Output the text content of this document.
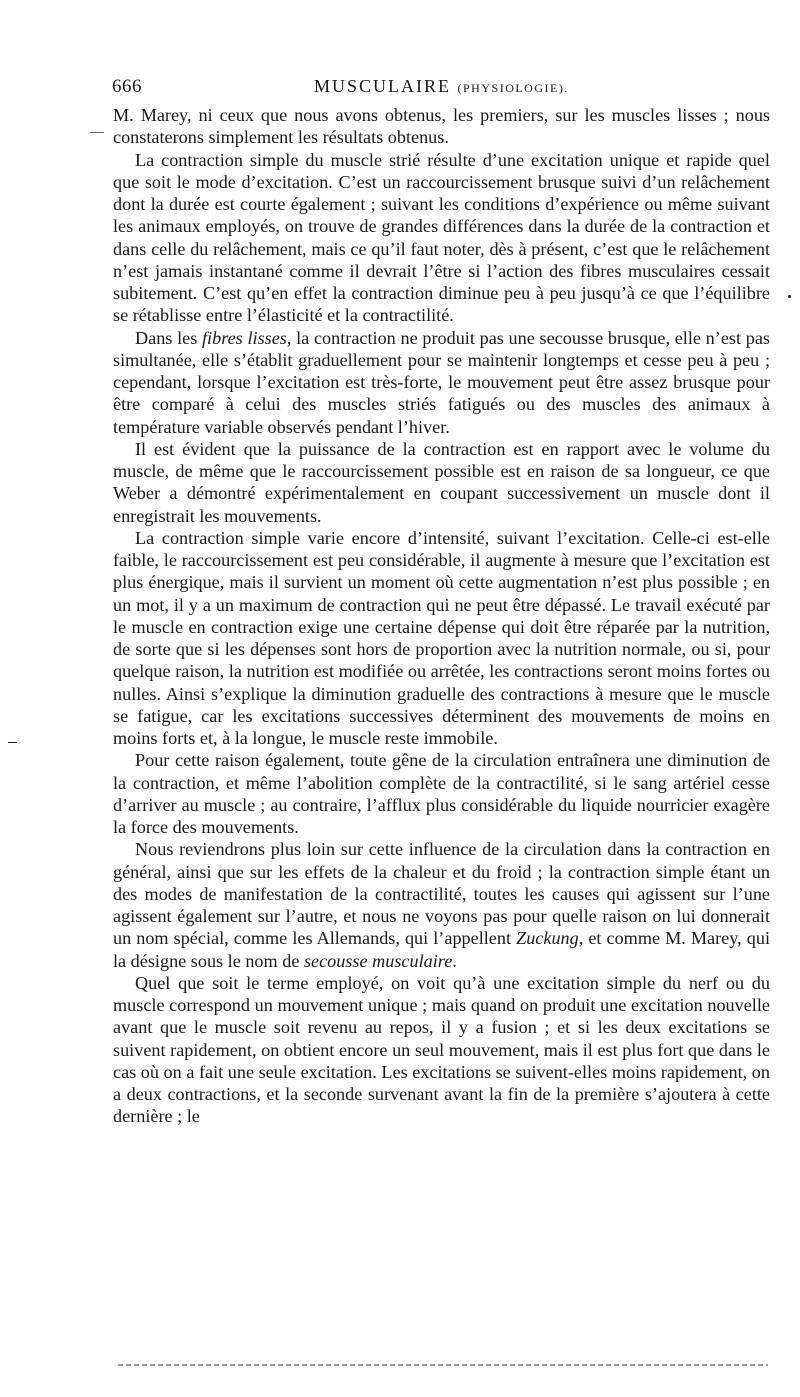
666	MUSCULAIRE (PHYSIOLOGIE).

M. Marey, ni ceux que nous avons obtenus, les premiers, sur les muscles lisses ; nous constaterons simplement les résultats obtenus.

La contraction simple du muscle strié résulte d’une excitation unique et rapide quel que soit le mode d’excitation. C’est un raccourcissement brusque suivi d’un relâchement dont la durée est courte également ; suivant les conditions d’expérience ou même suivant les animaux employés, on trouve de grandes différences dans la durée de la contraction et dans celle du relâchement, mais ce qu’il faut noter, dès à présent, c’est que le relâchement n’est jamais instantané comme il devrait l’être si l’action des fibres musculaires cessait subitement. C’est qu’en effet la contraction diminue peu à peu jusqu’à ce que l’équilibre se rétablisse entre l’élasticité et la contractilité.

Dans les fibres lisses, la contraction ne produit pas une secousse brusque, elle n’est pas simultanée, elle s’établit graduellement pour se maintenir longtemps et cesse peu à peu ; cependant, lorsque l’excitation est très-forte, le mouvement peut être assez brusque pour être comparé à celui des muscles striés fatigués ou des muscles des animaux à température variable observés pendant l’hiver.

Il est évident que la puissance de la contraction est en rapport avec le volume du muscle, de même que le raccourcissement possible est en raison de sa longueur, ce que Weber a démontré expérimentalement en coupant successivement un muscle dont il enregistrait les mouvements.

La contraction simple varie encore d’intensité, suivant l’excitation. Celle-ci est-elle faible, le raccourcissement est peu considérable, il augmente à mesure que l’excitation est plus énergique, mais il survient un moment où cette augmentation n’est plus possible ; en un mot, il y a un maximum de contraction qui ne peut être dépassé. Le travail exécuté par le muscle en contraction exige une certaine dépense qui doit être réparée par la nutrition, de sorte que si les dépenses sont hors de proportion avec la nutrition normale, ou si, pour quelque raison, la nutrition est modifiée ou arrêtée, les contractions seront moins fortes ou nulles. Ainsi s’explique la diminution graduelle des contractions à mesure que le muscle se fatigue, car les excitations successives déterminent des mouvements de moins en moins forts et, à la longue, le muscle reste immobile.

Pour cette raison également, toute gêne de la circulation entraînera une diminution de la contraction, et même l’abolition complète de la contractilité, si le sang artériel cesse d’arriver au muscle ; au contraire, l’afflux plus considérable du liquide nourricier exagère la force des mouvements.

Nous reviendrons plus loin sur cette influence de la circulation dans la contraction en général, ainsi que sur les effets de la chaleur et du froid ; la contraction simple étant un des modes de manifestation de la contractilité, toutes les causes qui agissent sur l’une agissent également sur l’autre, et nous ne voyons pas pour quelle raison on lui donnerait un nom spécial, comme les Allemands, qui l’appellent Zuckung, et comme M. Marey, qui la désigne sous le nom de secousse musculaire.

Quel que soit le terme employé, on voit qu’à une excitation simple du nerf ou du muscle correspond un mouvement unique ; mais quand on produit une excitation nouvelle avant que le muscle soit revenu au repos, il y a fusion ; et si les deux excitations se suivent rapidement, on obtient encore un seul mouvement, mais il est plus fort que dans le cas où on a fait une seule excitation. Les excitations se suivent-elles moins rapidement, on a deux contractions, et la seconde survenant avant la fin de la première s’ajoutera à cette dernière ; le
